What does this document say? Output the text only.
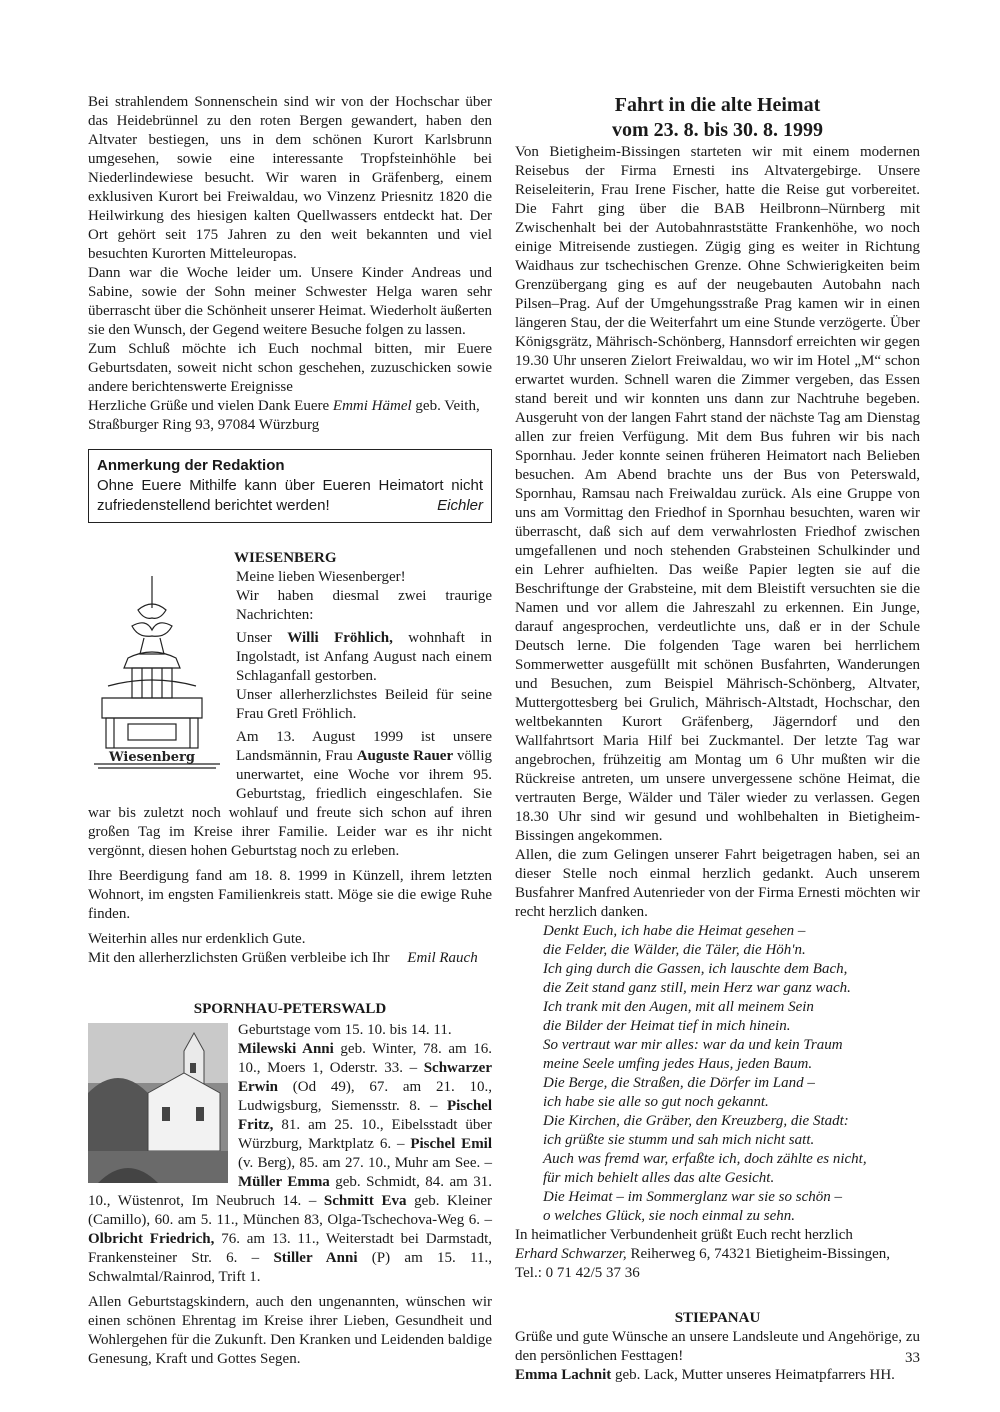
Bei strahlendem Sonnenschein sind wir von der Hochschar über das Heidebrünnel zu den roten Bergen gewandert, haben den Altvater bestiegen, uns in dem schönen Kurort Karlsbrunn umgesehen, sowie eine interessante Tropfsteinhöhle bei Niederlindewiese besucht. Wir waren in Gräfenberg, einem exklusiven Kurort bei Freiwaldau, wo Vinzenz Priesnitz 1820 die Heilwirkung des hiesigen kalten Quellwassers entdeckt hat. Der Ort gehört seit 175 Jahren zu den weit bekannten und viel besuchten Kurorten Mitteleuropas.

Dann war die Woche leider um. Unsere Kinder Andreas und Sabine, sowie der Sohn meiner Schwester Helga waren sehr überrascht über die Schönheit unserer Heimat. Wiederholt äußerten sie den Wunsch, der Gegend weitere Besuche folgen zu lassen.

Zum Schluß möchte ich Euch nochmal bitten, mir Euere Geburtsdaten, soweit nicht schon geschehen, zuzuschicken sowie andere berichtenswerte Ereignisse

Herzliche Grüße und vielen Dank Euere Emmi Hämel geb. Veith,
Straßburger Ring 93, 97084 Würzburg

Anmerkung der Redaktion
Ohne Euere Mithilfe kann über Eueren Heimatort nicht zufriedenstellend berichtet werden!	Eichler
WIESENBERG
Wiesenberg

Meine lieben Wiesenberger!

Wir haben diesmal zwei traurige Nachrichten:

Unser Willi Fröhlich, wohnhaft in Ingolstadt, ist Anfang August nach einem Schlaganfall gestorben.

Unser allerherzlichstes Beileid für seine Frau Gretl Fröhlich.

Am 13. August 1999 ist unsere Landsmännin, Frau Auguste Rauer völlig unerwartet, eine Woche vor ihrem 95. Geburtstag, friedlich eingeschlafen. Sie war bis zuletzt noch wohlauf und freute sich schon auf ihren großen Tag im Kreise ihrer Familie. Leider war es ihr nicht vergönnt, diesen hohen Geburtstag noch zu erleben.

Ihre Beerdigung fand am 18. 8. 1999 in Künzell, ihrem letzten Wohnort, im engsten Familienkreis statt. Möge sie die ewige Ruhe finden.

Weiterhin alles nur erdenklich Gute.

Mit den allerherzlichsten Grüßen verbleibe ich Ihr Emil Rauch

SPORNHAU-PETERSWALD

Geburtstage vom 15. 10. bis 14. 11.
Milewski Anni geb. Winter, 78. am 16. 10., Moers 1, Oderstr. 33. – Schwarzer Erwin (Od 49), 67. am 21. 10., Ludwigsburg, Siemensstr. 8. – Pischel Fritz, 81. am 25. 10., Eibelsstadt über Würzburg, Marktplatz 6. – Pischel Emil (v. Berg), 85. am 27. 10., Muhr am See. – Müller Emma geb. Schmidt, 84. am 31. 10., Wüstenrot, Im Neubruch 14. – Schmitt Eva geb. Kleiner (Camillo), 60. am 5. 11., München 83, Olga-Tschechova-Weg 6. – Olbricht Friedrich, 76. am 13. 11., Weiterstadt bei Darmstadt, Frankensteiner Str. 6. – Stiller Anni (P) am 15. 11., Schwalmtal/Rainrod, Trift 1.

Allen Geburtstagskindern, auch den ungenannten, wünschen wir einen schönen Ehrentag im Kreise ihrer Lieben, Gesundheit und Wohlergehen für die Zukunft. Den Kranken und Leidenden baldige Genesung, Kraft und Gottes Segen.

Fahrt in die alte Heimat
vom 23. 8. bis 30. 8. 1999

Von Bietigheim-Bissingen starteten wir mit einem modernen Reisebus der Firma Ernesti ins Altvatergebirge. Unsere Reiseleiterin, Frau Irene Fischer, hatte die Reise gut vorbereitet. Die Fahrt ging über die BAB Heilbronn–Nürnberg mit Zwischenhalt bei der Autobahnraststätte Frankenhöhe, wo noch einige Mitreisende zustiegen. Zügig ging es weiter in Richtung Waidhaus zur tschechischen Grenze. Ohne Schwierigkeiten beim Grenzübergang ging es auf der neugebauten Autobahn nach Pilsen–Prag. Auf der Umgehungsstraße Prag kamen wir in einen längeren Stau, der die Weiterfahrt um eine Stunde verzögerte. Über Königsgrätz, Mährisch-Schönberg, Hannsdorf erreichten wir gegen 19.30 Uhr unseren Zielort Freiwaldau, wo wir im Hotel „M“ schon erwartet wurden. Schnell waren die Zimmer vergeben, das Essen stand bereit und wir konnten uns dann zur Nachtruhe begeben. Ausgeruht von der langen Fahrt stand der nächste Tag am Dienstag allen zur freien Verfügung. Mit dem Bus fuhren wir bis nach Spornhau. Jeder konnte seinen früheren Heimatort nach Belieben besuchen. Am Abend brachte uns der Bus von Peterswald, Spornhau, Ramsau nach Freiwaldau zurück. Als eine Gruppe von uns am Vormittag den Friedhof in Spornhau besuchten, waren wir überrascht, daß sich auf dem verwahrlosten Friedhof zwischen umgefallenen und noch stehenden Grabsteinen Schulkinder und ein Lehrer aufhielten. Das weiße Papier legten sie auf die Beschriftunge der Grabsteine, mit dem Bleistift versuchten sie die Namen und vor allem die Jahreszahl zu erkennen. Ein Junge, darauf angesprochen, verdeutlichte uns, daß er in der Schule Deutsch lerne. Die folgenden Tage waren bei herrlichem Sommerwetter ausgefüllt mit schönen Busfahrten, Wanderungen und Besuchen, zum Beispiel Mährisch-Schönberg, Altvater, Muttergottesberg bei Grulich, Mährisch-Altstadt, Hochschar, den weltbekannten Kurort Gräfenberg, Jägerndorf und den Wallfahrtsort Maria Hilf bei Zuckmantel. Der letzte Tag war angebrochen, frühzeitig am Montag um 6 Uhr mußten wir die Rückreise antreten, um unsere unvergessene schöne Heimat, die vertrauten Berge, Wälder und Täler wieder zu verlassen. Gegen 18.30 Uhr sind wir gesund und wohlbehalten in Bietigheim-Bissingen angekommen.

Allen, die zum Gelingen unserer Fahrt beigetragen haben, sei an dieser Stelle noch einmal herzlich gedankt. Auch unserem Busfahrer Manfred Autenrieder von der Firma Ernesti möchten wir recht herzlich danken.

Denkt Euch, ich habe die Heimat gesehen –
die Felder, die Wälder, die Täler, die Höh'n.
Ich ging durch die Gassen, ich lauschte dem Bach,
die Zeit stand ganz still, mein Herz war ganz wach.
Ich trank mit den Augen, mit all meinem Sein
die Bilder der Heimat tief in mich hinein.
So vertraut war mir alles: war da und kein Traum
meine Seele umfing jedes Haus, jeden Baum.
Die Berge, die Straßen, die Dörfer im Land –
ich habe sie alle so gut noch gekannt.
Die Kirchen, die Gräber, den Kreuzberg, die Stadt:
ich grüßte sie stumm und sah mich nicht satt.
Auch was fremd war, erfaßte ich, doch zählte es nicht,
für mich behielt alles das alte Gesicht.
Die Heimat – im Sommerglanz war sie so schön –
o welches Glück, sie noch einmal zu sehn.

In heimatlicher Verbundenheit grüßt Euch recht herzlich

Erhard Schwarzer, Reiherweg 6, 74321 Bietigheim-Bissingen,
Tel.: 0 71 42/5 37 36

STIEPANAU

Grüße und gute Wünsche an unsere Landsleute und Angehörige, zu den persönlichen Festtagen!

Emma Lachnit geb. Lack, Mutter unseres Heimatpfarrers HH.

33
